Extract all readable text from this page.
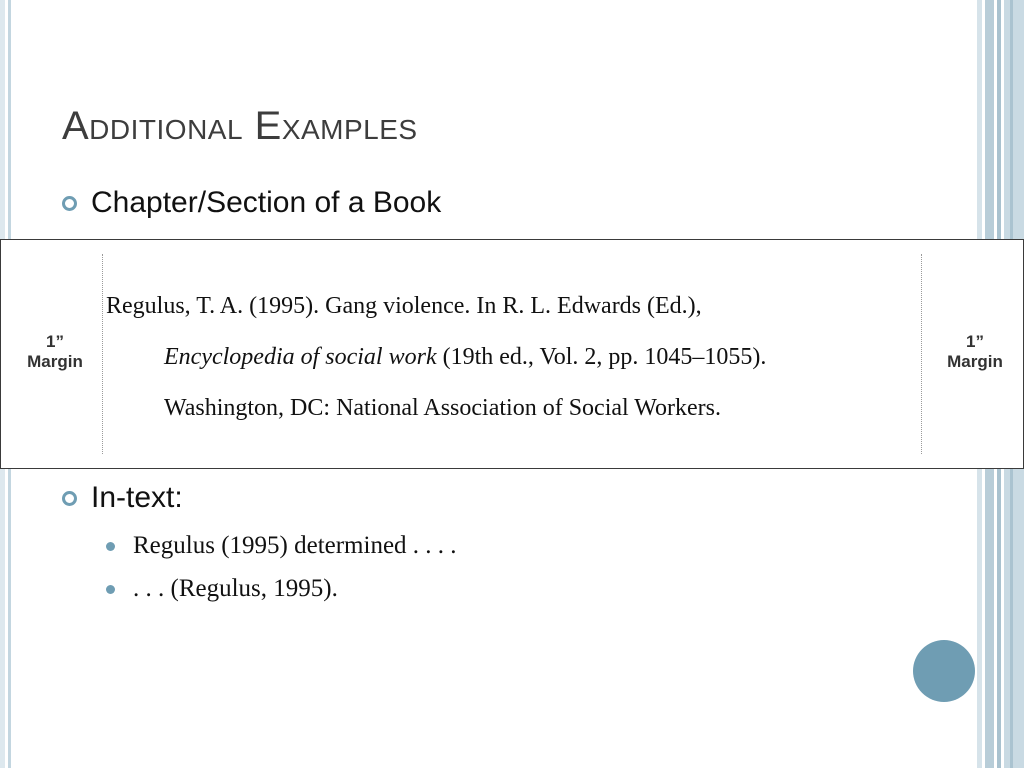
Additional Examples
Chapter/Section of a Book
1”
Margin
1”
Margin
Regulus, T. A. (1995). Gang violence. In R. L. Edwards (Ed.),
Encyclopedia of social work (19th ed., Vol. 2, pp. 1045–1055).
Washington, DC: National Association of Social Workers.
In-text:
Regulus (1995) determined . . . .
. . . (Regulus, 1995).
